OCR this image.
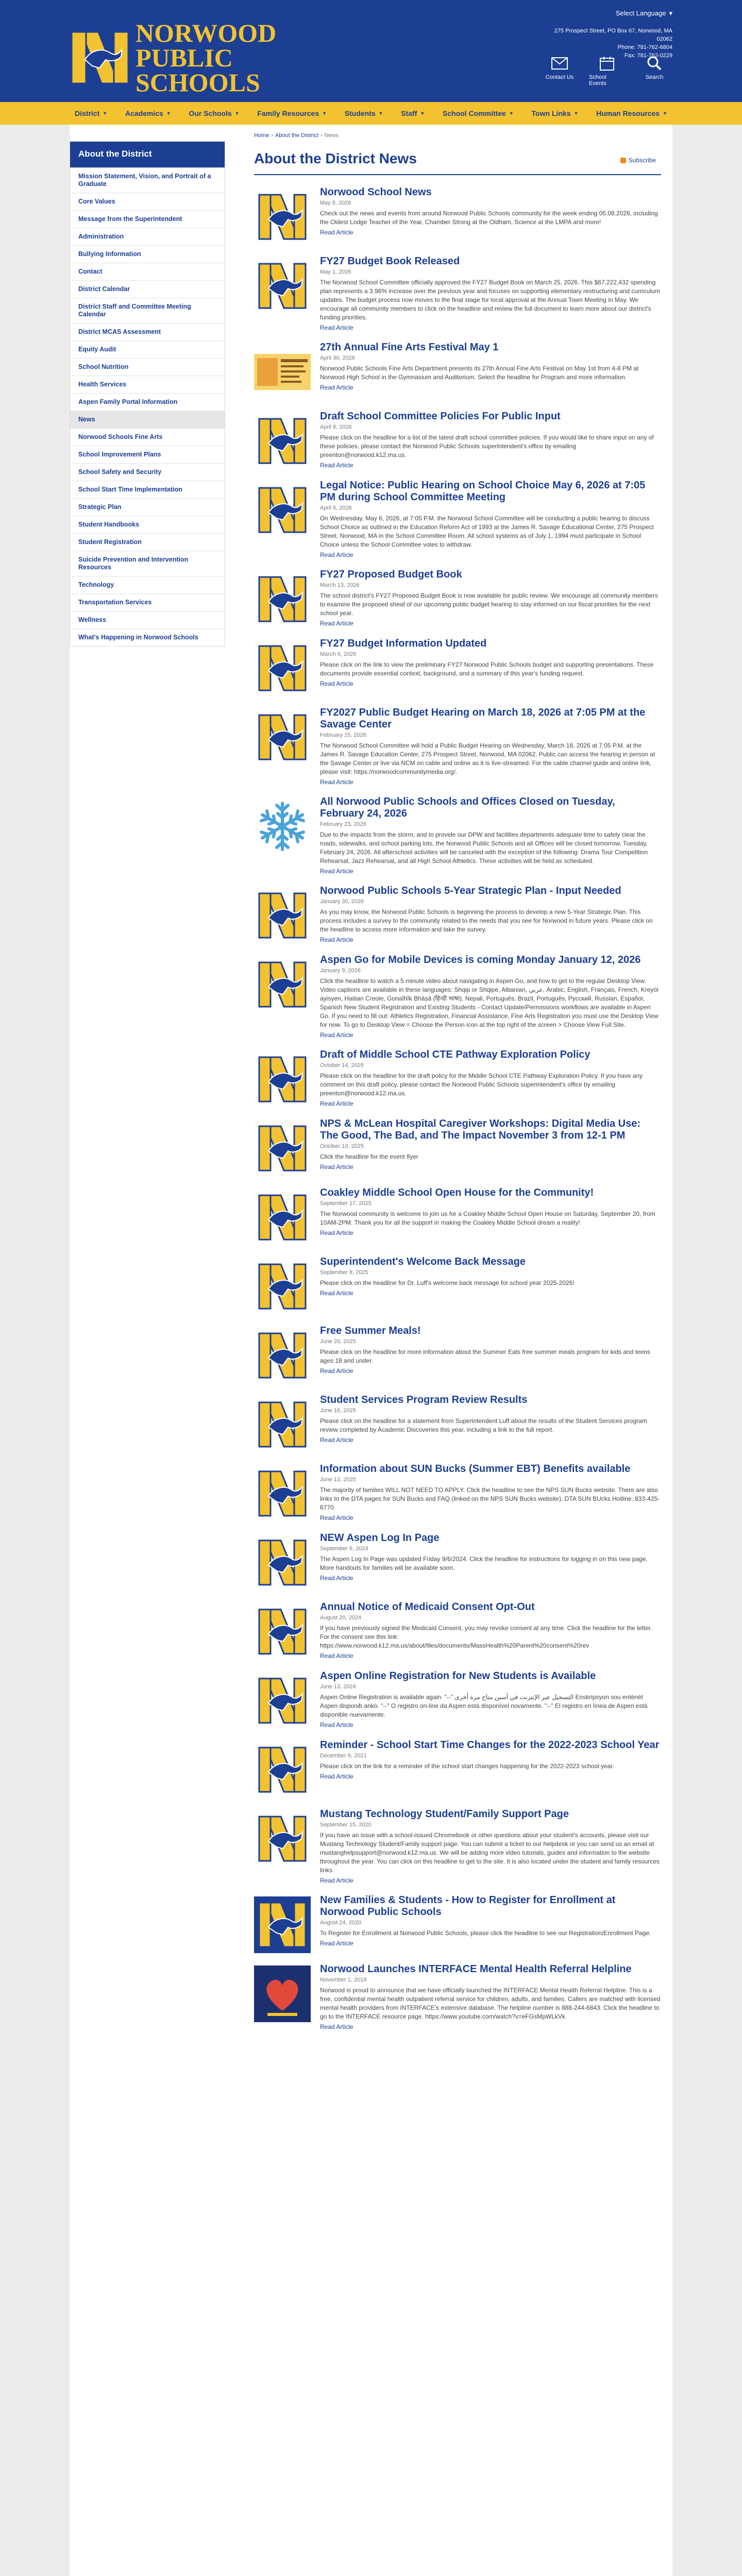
NORWOOD
PUBLIC
SCHOOLS
Select Language ▾
275 Prospect Street, PO Box 67, Norwood, MA 02062
Phone: 781-762-6804
Fax: 781-762-0229
Contact Us	School Events
Search
District ▼ Academics ▼ Our Schools ▼ Family Resources ▼ Students ▼ Staff ▼ School Committee ▼ Town Links ▼ Human Resources ▼
Home › About the District › News
About the District
Mission Statement, Vision, and Portrait of a Graduate
Core Values
Message from the Superintendent
Administration
Bullying Information
Contact
District Calendar
District Staff and Committee Meeting Calendar
District MCAS Assessment
Equity Audit
School Nutrition
Health Services
Aspen Family Portal Information
News
Norwood Schools Fine Arts
School Improvement Plans
School Safety and Security
School Start Time Implementation
Strategic Plan
Student Handbooks
Student Registration
Suicide Prevention and Intervention Resources
Technology
Transportation Services
Wellness
What's Happening in Norwood Schools
About the District News	Subscribe
Norwood School News
May 8, 2026
Check out the news and events from around Norwood Public Schools community for the week ending 05.08.2026, including the Oldest Lodge Teacher of the Year, Chamber Strong at the Oldham, Science at the LMPA and more!
Read Article
FY27 Budget Book Released
May 1, 2026
The Norwood School Committee officially approved the FY27 Budget Book on March 25, 2026. This $67,222,432 spending plan represents a 3.96% increase over the previous year and focuses on supporting elementary restructuring and curriculum updates. The budget process now moves to the final stage for local approval at the Annual Town Meeting in May. We encourage all community members to click on the headline and review the full document to learn more about our district's funding priorities.
Read Article
27th Annual Fine Arts Festival May 1
April 30, 2026
Norwood Public Schools Fine Arts Department presents its 27th Annual Fine Arts Festival on May 1st from 4-8 PM at Norwood High School in the Gymnasium and Auditorium. Select the headline for Program and more information.
Read Article
Draft School Committee Policies For Public Input
April 8, 2026
Please click on the headline for a list of the latest draft school committee policies. If you would like to share input on any of these policies, please contact the Norwood Public Schools superintendent's office by emailing preenton@norwood.k12.ma.us.
Read Article
Legal Notice: Public Hearing on School Choice May 6, 2026 at 7:05 PM during School Committee Meeting
April 6, 2026
On Wednesday, May 6, 2026, at 7:05 P.M. the Norwood School Committee will be conducting a public hearing to discuss School Choice as outlined in the Education Reform Act of 1993 at the James R. Savage Educational Center, 275 Prospect Street, Norwood, MA in the School Committee Room. All school systems as of July 1, 1994 must participate in School Choice unless the School Committee votes to withdraw.
Read Article
FY27 Proposed Budget Book
March 13, 2026
The school district's FY27 Proposed Budget Book is now available for public review. We encourage all community members to examine the proposed sheaf of our upcoming public budget hearing to stay informed on our fiscal priorities for the next school year.
Read Article
FY27 Budget Information Updated
March 6, 2026
Please click on the link to view the preliminary FY27 Norwood Public Schools budget and supporting presentations. These documents provide essential context, background, and a summary of this year's funding request.
Read Article
FY2027 Public Budget Hearing on March 18, 2026 at 7:05 PM at the Savage Center
February 25, 2026
The Norwood School Committee will hold a Public Budget Hearing on Wednesday, March 18, 2026 at 7:05 P.M. at the James R. Savage Education Center, 275 Prospect Street, Norwood, MA 02062. Public can access the hearing in person at the Savage Center or live via NCM on cable and online as it is live-streamed. For the cable channel guide and online link, please visit: https://norwoodcommunitymedia.org/.
Read Article
All Norwood Public Schools and Offices Closed on Tuesday, February 24, 2026
February 23, 2026
Due to the impacts from the storm, and to provide our DPW and facilities departments adequate time to safely clear the roads, sidewalks, and school parking lots, the Norwood Public Schools and all Offices will be closed tomorrow, Tuesday, February 24, 2026. All afterschool activities will be canceled with the exception of the following: Drama Tour Competition Rehearsal, Jazz Rehearsal, and all High School Athletics. These activities will be held as scheduled.
Read Article
Norwood Public Schools 5-Year Strategic Plan - Input Needed
January 30, 2026
As you may know, the Norwood Public Schools is beginning the process to develop a new 5-Year Strategic Plan. This process includes a survey to the community related to the needs that you see for Norwood in future years. Please click on the headline to access more information and take the survey.
Read Article
Aspen Go for Mobile Devices is coming Monday January 12, 2026
January 9, 2026
Click the headline to watch a 5 minute video about navigating in Aspen Go, and how to get to the regular Desktop View. Video captions are available in these languages: Shqip or Shqipe, Albanian, عربي, Arabic, English, Français, French, Kreyòl ayisyen, Haitian Creole, Gonaĩhĩk Bhāṣā (हिन्दी भाषा), Nepali, Português, Brazil, Português, Pyccкий, Russian, Español, Spanish New Student Registration and Existing Students - Contact Update/Permissions workflows are available in Aspen Go. If you need to fill out: Athletics Registration, Financial Assistance, Fine Arts Registration you must use the Desktop View for now. To go to Desktop View = Choose the Person icon at the top right of the screen > Choose View Full Site.
Read Article
Draft of Middle School CTE Pathway Exploration Policy
October 14, 2025
Please click on the headline for the draft policy for the Middle School CTE Pathway Exploration Policy. If you have any comment on this draft policy, please contact the Norwood Public Schools superintendent's office by emailing preenton@norwood.k12.ma.us.
Read Article
NPS & McLean Hospital Caregiver Workshops: Digital Media Use: The Good, The Bad, and The Impact November 3 from 12-1 PM
October 10, 2025
Click the headline for the event flyer
Read Article
Coakley Middle School Open House for the Community!
September 17, 2025
The Norwood community is welcome to join us for a Coakley Middle School Open House on Saturday, September 20, from 10AM-2PM. Thank you for all the support in making the Coakley Middle School dream a reality!
Read Article
Superintendent's Welcome Back Message
September 8, 2025
Please click on the headline for Dr. Luff's welcome back message for school year 2025-2026!
Read Article
Free Summer Meals!
June 20, 2025
Please click on the headline for more information about the Summer Eats free summer meals program for kids and teens ages 18 and under.
Read Article
Student Services Program Review Results
June 16, 2025
Please click on the headline for a statement from Superintendent Luff about the results of the Student Services program review completed by Academic Discoveries this year, including a link to the full report.
Read Article
Information about SUN Bucks (Summer EBT) Benefits available
June 13, 2025
The majority of families WILL NOT NEED TO APPLY. Click the headline to see the NPS SUN Bucks website. There are also links to the DTA pages for SUN Bucks and FAQ (linked on the NPS SUN Bucks website). DTA SUN BUcks Hotline: 833-425-6770
Read Article
NEW Aspen Log In Page
September 6, 2024
The Aspen Log In Page was updated Friday 9/6/2024. Click the headline for instructions for logging in on this new page. More handouts for families will be available soon.
Read Article
Annual Notice of Medicaid Consent Opt-Out
August 20, 2024
If you have previously signed the Medicaid Consent, you may revoke consent at any time. Click the headline for the letter. For the consent see this link: https://www.norwood.k12.ma.us/about/files/documents/MassHealth%20Parent%20consent%20rev
Read Article
Aspen Online Registration for New Students is Available
June 13, 2024
Aspen Online Registration is available again. "--" التسجيل عبر الإنترنت في أسبن متاح مرة أخرى Enskripsyon sou entènèt Aspen disponib ankò. "--" O registro on-line da Aspen está disponível novamente. "--" El registro en línea de Aspen está disponible nuevamente.
Read Article
Reminder - School Start Time Changes for the 2022-2023 School Year
December 9, 2021
Please click on the link for a reminder of the school start changes happening for the 2022-2023 school year.
Read Article
Mustang Technology Student/Family Support Page
September 15, 2020
If you have an issue with a school-issued Chromebook or other questions about your student's accounts, please visit our Mustang Technology Student/Family support page. You can submit a ticket to our helpdesk or you can send us an email at mustanghelpsupport@norwood.k12.ma.us. We will be adding more video tutorials, guides and information to the website throughout the year. You can click on this headline to get to the site. It is also located under the student and family resources links.
Read Article
New Families & Students - How to Register for Enrollment at Norwood Public Schools
August 24, 2020
To Register for Enrollment at Norwood Public Schools, please click the headline to see our Registration/Enrollment Page.
Read Article
Norwood Launches INTERFACE Mental Health Referral Helpline
November 1, 2019
Norwood is proud to announce that we have officially launched the INTERFACE Mental Health Referral Helpline. This is a free, confidential mental health outpatient referral service for children, adults, and families. Callers are matched with licensed mental health providers from INTERFACE's extensive database. The helpline number is 888-244-6843. Click the headline to go to the INTERFACE resource page. https://www.youtube.com/watch?v=eFGsMpWLkVk
Read Article
